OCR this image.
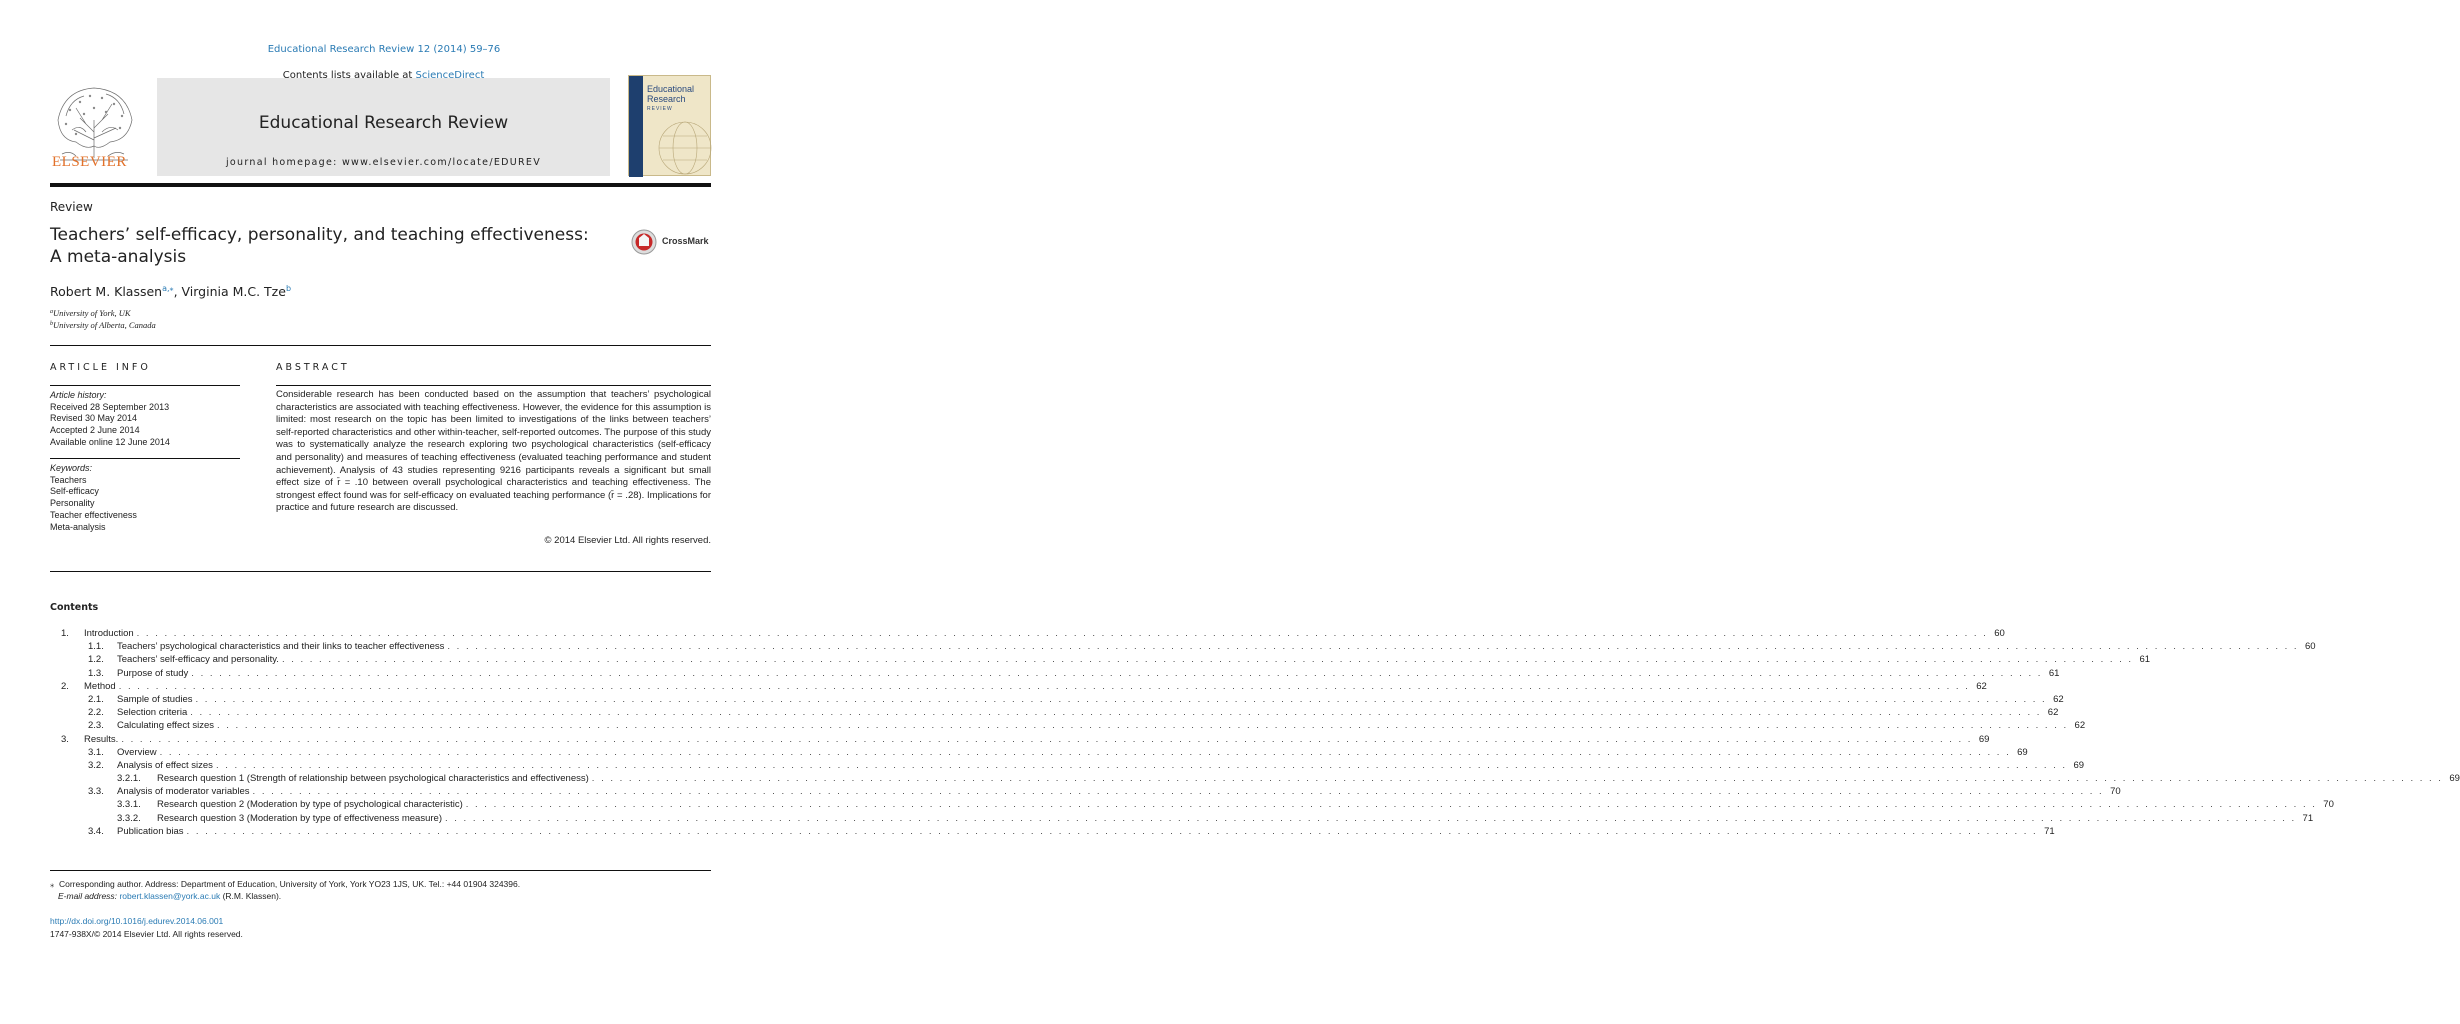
Educational Research Review 12 (2014) 59–76
ELSEVIER
Contents lists available at ScienceDirect
Educational Research Review
journal homepage: www.elsevier.com/locate/EDUREV
Educational
Research
REVIEW
Review
Teachers’ self-efficacy, personality, and teaching effectiveness:
A meta-analysis
CrossMark
Robert M. Klassen$^{a,⁎}$, Virginia M.C. Tze$^b$
$^a$University of York, UK
$^b$University of Alberta, Canada
ARTICLE INFO	ABSTRACT
Article history:
Received 28 September 2013
Revised 30 May 2014
Accepted 2 June 2014
Available online 12 June 2014
Keywords:
Teachers
Self-efficacy
Personality
Teacher effectiveness
Meta-analysis
Considerable research has been conducted based on the assumption that teachers’ psychological characteristics are associated with teaching effectiveness. However, the evidence for this assumption is limited: most research on the topic has been limited to investigations of the links between teachers’ self-reported characteristics and other within-teacher, self-reported outcomes. The purpose of this study was to systematically analyze the research exploring two psychological characteristics (self-efficacy and personality) and measures of teaching effectiveness (evaluated teaching performance and student achievement). Analysis of 43 studies representing 9216 participants reveals a significant but small effect size of r̄ = .10 between overall psychological characteristics and teaching effectiveness. The strongest effect found was for self-efficacy on evaluated teaching performance (r̄ = .28). Implications for practice and future research are discussed.
© 2014 Elsevier Ltd. All rights reserved.
Contents
1. Introduction . . . . . . . . . . . . . . . . . . . . . . . . . . . . . . . . . . . . . . . . . . . . . . . . . . . . . . . . . . . . . . . . . . . . . . . . . . . . . . . . . . . . . . . . . . . . . . . . . . . . . . . . . . . . . . . . . . . . . . . . . . . . . . . . . . . . . . . . . . . . . . . . . . . . . . . . . . . . . . . . . . . . . . . . . . . . . . . . . . . . . . . . . . . . . . . . . . . . . . . . 60
1.1. Teachers’ psychological characteristics and their links to teacher effectiveness . . . . . . . . . . . . . . . . . . . . . . . . . . . . . . . . . . . . . . . . . . . . . . . . . . . . . . . . . . . . . . . . . . . . . . . . . . . . . . . . . . . . . . . . . . . . . . . . . . . . . . . . . . . . . . . . . . . . . . . . . . . . . . . . . . . . . . . . . . . . . . . . . . . . . . . . . . . . . . . . . . . . . . . . . . . . . . . . . . . . . . . . . . . . . . . . . . . . . . . . 60
1.2. Teachers’ self-efficacy and personality. . . . . . . . . . . . . . . . . . . . . . . . . . . . . . . . . . . . . . . . . . . . . . . . . . . . . . . . . . . . . . . . . . . . . . . . . . . . . . . . . . . . . . . . . . . . . . . . . . . . . . . . . . . . . . . . . . . . . . . . . . . . . . . . . . . . . . . . . . . . . . . . . . . . . . . . . . . . . . . . . . . . . . . . . . . . . . . . . . . . . . . . . . . . . . . . . . . . . . . . . 61
1.3. Purpose of study . . . . . . . . . . . . . . . . . . . . . . . . . . . . . . . . . . . . . . . . . . . . . . . . . . . . . . . . . . . . . . . . . . . . . . . . . . . . . . . . . . . . . . . . . . . . . . . . . . . . . . . . . . . . . . . . . . . . . . . . . . . . . . . . . . . . . . . . . . . . . . . . . . . . . . . . . . . . . . . . . . . . . . . . . . . . . . . . . . . . . . . . . . . . . . . . . . . . . . . . 61
2. Method . . . . . . . . . . . . . . . . . . . . . . . . . . . . . . . . . . . . . . . . . . . . . . . . . . . . . . . . . . . . . . . . . . . . . . . . . . . . . . . . . . . . . . . . . . . . . . . . . . . . . . . . . . . . . . . . . . . . . . . . . . . . . . . . . . . . . . . . . . . . . . . . . . . . . . . . . . . . . . . . . . . . . . . . . . . . . . . . . . . . . . . . . . . . . . . . . . . . . . . . 62
2.1. Sample of studies . . . . . . . . . . . . . . . . . . . . . . . . . . . . . . . . . . . . . . . . . . . . . . . . . . . . . . . . . . . . . . . . . . . . . . . . . . . . . . . . . . . . . . . . . . . . . . . . . . . . . . . . . . . . . . . . . . . . . . . . . . . . . . . . . . . . . . . . . . . . . . . . . . . . . . . . . . . . . . . . . . . . . . . . . . . . . . . . . . . . . . . . . . . . . . . . . . . . . . . . 62
2.2. Selection criteria . . . . . . . . . . . . . . . . . . . . . . . . . . . . . . . . . . . . . . . . . . . . . . . . . . . . . . . . . . . . . . . . . . . . . . . . . . . . . . . . . . . . . . . . . . . . . . . . . . . . . . . . . . . . . . . . . . . . . . . . . . . . . . . . . . . . . . . . . . . . . . . . . . . . . . . . . . . . . . . . . . . . . . . . . . . . . . . . . . . . . . . . . . . . . . . . . . . . . . . . 62
2.3. Calculating effect sizes . . . . . . . . . . . . . . . . . . . . . . . . . . . . . . . . . . . . . . . . . . . . . . . . . . . . . . . . . . . . . . . . . . . . . . . . . . . . . . . . . . . . . . . . . . . . . . . . . . . . . . . . . . . . . . . . . . . . . . . . . . . . . . . . . . . . . . . . . . . . . . . . . . . . . . . . . . . . . . . . . . . . . . . . . . . . . . . . . . . . . . . . . . . . . . . . . . . . . . . . 62
3. Results. . . . . . . . . . . . . . . . . . . . . . . . . . . . . . . . . . . . . . . . . . . . . . . . . . . . . . . . . . . . . . . . . . . . . . . . . . . . . . . . . . . . . . . . . . . . . . . . . . . . . . . . . . . . . . . . . . . . . . . . . . . . . . . . . . . . . . . . . . . . . . . . . . . . . . . . . . . . . . . . . . . . . . . . . . . . . . . . . . . . . . . . . . . . . . . . . . . . . . . . . 69
3.1. Overview . . . . . . . . . . . . . . . . . . . . . . . . . . . . . . . . . . . . . . . . . . . . . . . . . . . . . . . . . . . . . . . . . . . . . . . . . . . . . . . . . . . . . . . . . . . . . . . . . . . . . . . . . . . . . . . . . . . . . . . . . . . . . . . . . . . . . . . . . . . . . . . . . . . . . . . . . . . . . . . . . . . . . . . . . . . . . . . . . . . . . . . . . . . . . . . . . . . . . . . . 69
3.2. Analysis of effect sizes . . . . . . . . . . . . . . . . . . . . . . . . . . . . . . . . . . . . . . . . . . . . . . . . . . . . . . . . . . . . . . . . . . . . . . . . . . . . . . . . . . . . . . . . . . . . . . . . . . . . . . . . . . . . . . . . . . . . . . . . . . . . . . . . . . . . . . . . . . . . . . . . . . . . . . . . . . . . . . . . . . . . . . . . . . . . . . . . . . . . . . . . . . . . . . . . . . . . . . . . 69
3.2.1. Research question 1 (Strength of relationship between psychological characteristics and effectiveness) . . . . . . . . . . . . . . . . . . . . . . . . . . . . . . . . . . . . . . . . . . . . . . . . . . . . . . . . . . . . . . . . . . . . . . . . . . . . . . . . . . . . . . . . . . . . . . . . . . . . . . . . . . . . . . . . . . . . . . . . . . . . . . . . . . . . . . . . . . . . . . . . . . . . . . . . . . . . . . . . . . . . . . . . . . . . . . . . . . . . . . . . . . . . . . . . . . . . . . . . 69
3.3. Analysis of moderator variables . . . . . . . . . . . . . . . . . . . . . . . . . . . . . . . . . . . . . . . . . . . . . . . . . . . . . . . . . . . . . . . . . . . . . . . . . . . . . . . . . . . . . . . . . . . . . . . . . . . . . . . . . . . . . . . . . . . . . . . . . . . . . . . . . . . . . . . . . . . . . . . . . . . . . . . . . . . . . . . . . . . . . . . . . . . . . . . . . . . . . . . . . . . . . . . . . . . . . . . . 70
3.3.1. Research question 2 (Moderation by type of psychological characteristic) . . . . . . . . . . . . . . . . . . . . . . . . . . . . . . . . . . . . . . . . . . . . . . . . . . . . . . . . . . . . . . . . . . . . . . . . . . . . . . . . . . . . . . . . . . . . . . . . . . . . . . . . . . . . . . . . . . . . . . . . . . . . . . . . . . . . . . . . . . . . . . . . . . . . . . . . . . . . . . . . . . . . . . . . . . . . . . . . . . . . . . . . . . . . . . . . . . . . . . . . 70
3.3.2. Research question 3 (Moderation by type of effectiveness measure) . . . . . . . . . . . . . . . . . . . . . . . . . . . . . . . . . . . . . . . . . . . . . . . . . . . . . . . . . . . . . . . . . . . . . . . . . . . . . . . . . . . . . . . . . . . . . . . . . . . . . . . . . . . . . . . . . . . . . . . . . . . . . . . . . . . . . . . . . . . . . . . . . . . . . . . . . . . . . . . . . . . . . . . . . . . . . . . . . . . . . . . . . . . . . . . . . . . . . . . . 71
3.4. Publication bias . . . . . . . . . . . . . . . . . . . . . . . . . . . . . . . . . . . . . . . . . . . . . . . . . . . . . . . . . . . . . . . . . . . . . . . . . . . . . . . . . . . . . . . . . . . . . . . . . . . . . . . . . . . . . . . . . . . . . . . . . . . . . . . . . . . . . . . . . . . . . . . . . . . . . . . . . . . . . . . . . . . . . . . . . . . . . . . . . . . . . . . . . . . . . . . . . . . . . . . . 71
⁎ Corresponding author. Address: Department of Education, University of York, York YO23 1JS, UK. Tel.: +44 01904 324396.
E-mail address: robert.klassen@york.ac.uk (R.M. Klassen).
http://dx.doi.org/10.1016/j.edurev.2014.06.001
1747-938X/© 2014 Elsevier Ltd. All rights reserved.
